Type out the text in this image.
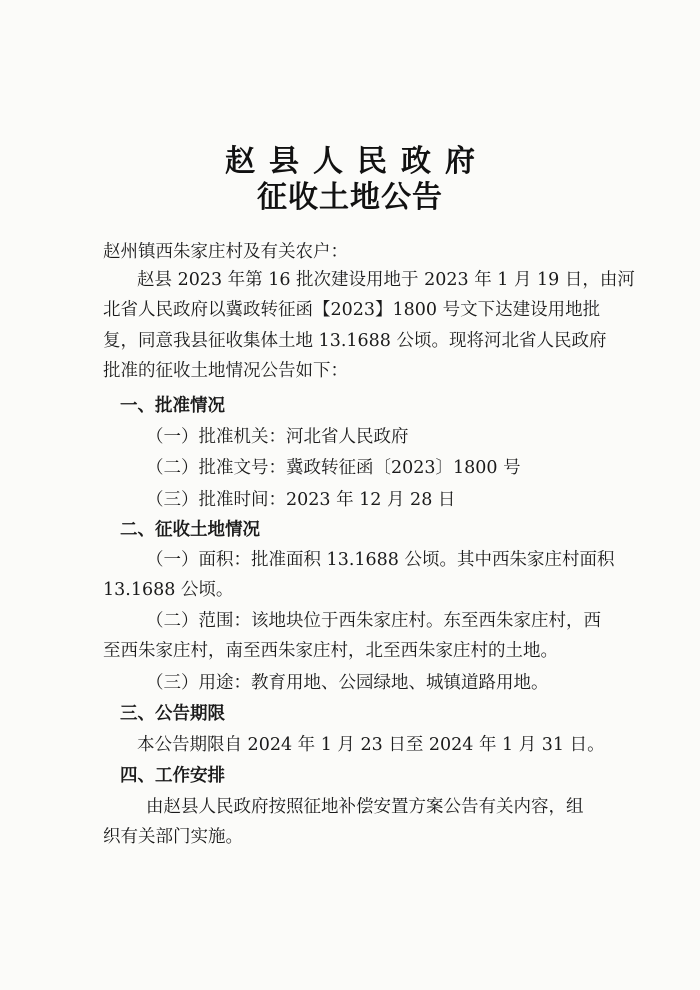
赵县人民政府
征收土地公告
赵州镇西朱家庄村及有关农户：
赵县 2023 年第 16 批次建设用地于 2023 年 1 月 19 日，由河
北省人民政府以冀政转征函【2023】1800 号文下达建设用地批
复，同意我县征收集体土地 13.1688 公顷。现将河北省人民政府
批准的征收土地情况公告如下：
一、批准情况
（一）批准机关：河北省人民政府
（二）批准文号：冀政转征函〔2023〕1800 号
（三）批准时间：2023 年 12 月 28 日
二、征收土地情况
（一）面积：批准面积 13.1688 公顷。其中西朱家庄村面积
13.1688 公顷。
（二）范围：该地块位于西朱家庄村。东至西朱家庄村，西
至西朱家庄村，南至西朱家庄村，北至西朱家庄村的土地。
（三）用途：教育用地、公园绿地、城镇道路用地。
三、公告期限
本公告期限自 2024 年 1 月 23 日至 2024 年 1 月 31 日。
四、工作安排
由赵县人民政府按照征地补偿安置方案公告有关内容，组
织有关部门实施。
